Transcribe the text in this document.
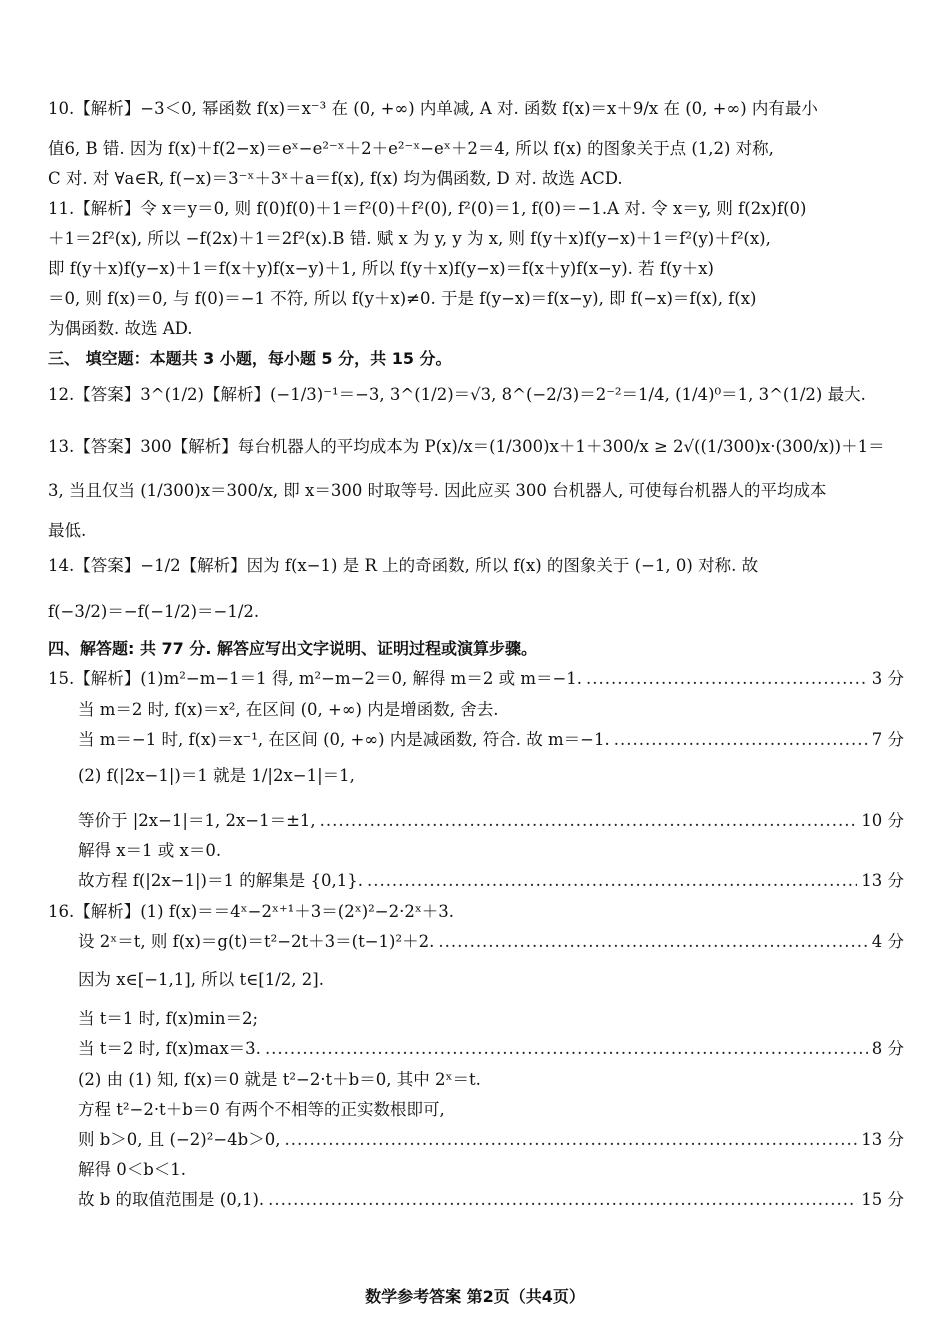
10.【解析】−3＜0, 幂函数 f(x)＝x⁻³ 在 (0, +∞) 内单减, A 对. 函数 f(x)＝x＋9/x 在 (0, +∞) 内有最小
值6, B 错. 因为 f(x)＋f(2−x)＝eˣ−e²⁻ˣ＋2＋e²⁻ˣ−eˣ＋2＝4, 所以 f(x) 的图象关于点 (1,2) 对称,
C 对. 对 ∀a∈R, f(−x)＝3⁻ˣ＋3ˣ＋a＝f(x), f(x) 均为偶函数, D 对. 故选 ACD.
11.【解析】令 x＝y＝0, 则 f(0)f(0)＋1＝f²(0)＋f²(0), f²(0)＝1, f(0)＝−1.A 对. 令 x＝y, 则 f(2x)f(0)
＋1＝2f²(x), 所以 −f(2x)＋1＝2f²(x).B 错. 赋 x 为 y, y 为 x, 则 f(y＋x)f(y−x)＋1＝f²(y)＋f²(x),
即 f(y＋x)f(y−x)＋1＝f(x＋y)f(x−y)＋1, 所以 f(y＋x)f(y−x)＝f(x＋y)f(x−y). 若 f(y＋x)
＝0, 则 f(x)＝0, 与 f(0)＝−1 不符, 所以 f(y＋x)≠0. 于是 f(y−x)＝f(x−y), 即 f(−x)＝f(x), f(x)
为偶函数. 故选 AD.
三、 填空题：本题共 3 小题，每小题 5 分，共 15 分。
12.【答案】3^(1/2)【解析】(−1/3)⁻¹＝−3, 3^(1/2)＝√3, 8^(−2/3)＝2⁻²＝1/4, (1/4)⁰＝1, 3^(1/2) 最大.
13.【答案】300【解析】每台机器人的平均成本为 P(x)/x＝(1/300)x＋1＋300/x ≥ 2√((1/300)x·(300/x))＋1＝
3, 当且仅当 (1/300)x＝300/x, 即 x＝300 时取等号. 因此应买 300 台机器人, 可使每台机器人的平均成本
最低.
14.【答案】−1/2【解析】因为 f(x−1) 是 R 上的奇函数, 所以 f(x) 的图象关于 (−1, 0) 对称. 故
f(−3/2)＝−f(−1/2)＝−1/2.
四、解答题: 共 77 分. 解答应写出文字说明、证明过程或演算步骤。
15.【解析】(1)m²−m−1＝1 得, m²−m−2＝0, 解得 m＝2 或 m＝−1. .....	3 分
当 m＝2 时, f(x)＝x², 在区间 (0, +∞) 内是增函数, 舍去.
当 m＝−1 时, f(x)＝x⁻¹, 在区间 (0, +∞) 内是减函数, 符合. 故 m＝−1. .....	7 分
(2) f(|2x−1|)＝1 就是 1/|2x−1|＝1,
等价于 |2x−1|＝1, 2x−1＝±1, .....	10 分
解得 x＝1 或 x＝0.
故方程 f(|2x−1|)＝1 的解集是 {0,1}. .....	13 分
16.【解析】(1) f(x)＝＝4ˣ−2ˣ⁺¹＋3＝(2ˣ)²−2·2ˣ＋3.
设 2ˣ＝t, 则 f(x)＝g(t)＝t²−2t＋3＝(t−1)²＋2. .....	4 分
因为 x∈[−1,1], 所以 t∈[1/2, 2].
当 t＝1 时, f(x)min＝2;
当 t＝2 时, f(x)max＝3. .....	8 分
(2) 由 (1) 知, f(x)＝0 就是 t²−2·t＋b＝0, 其中 2ˣ＝t.
方程 t²−2·t＋b＝0 有两个不相等的正实数根即可,
则 b＞0, 且 (−2)²−4b＞0, .....	13 分
解得 0＜b＜1.
故 b 的取值范围是 (0,1). .....	15 分
数学参考答案 第2页（共4页）
